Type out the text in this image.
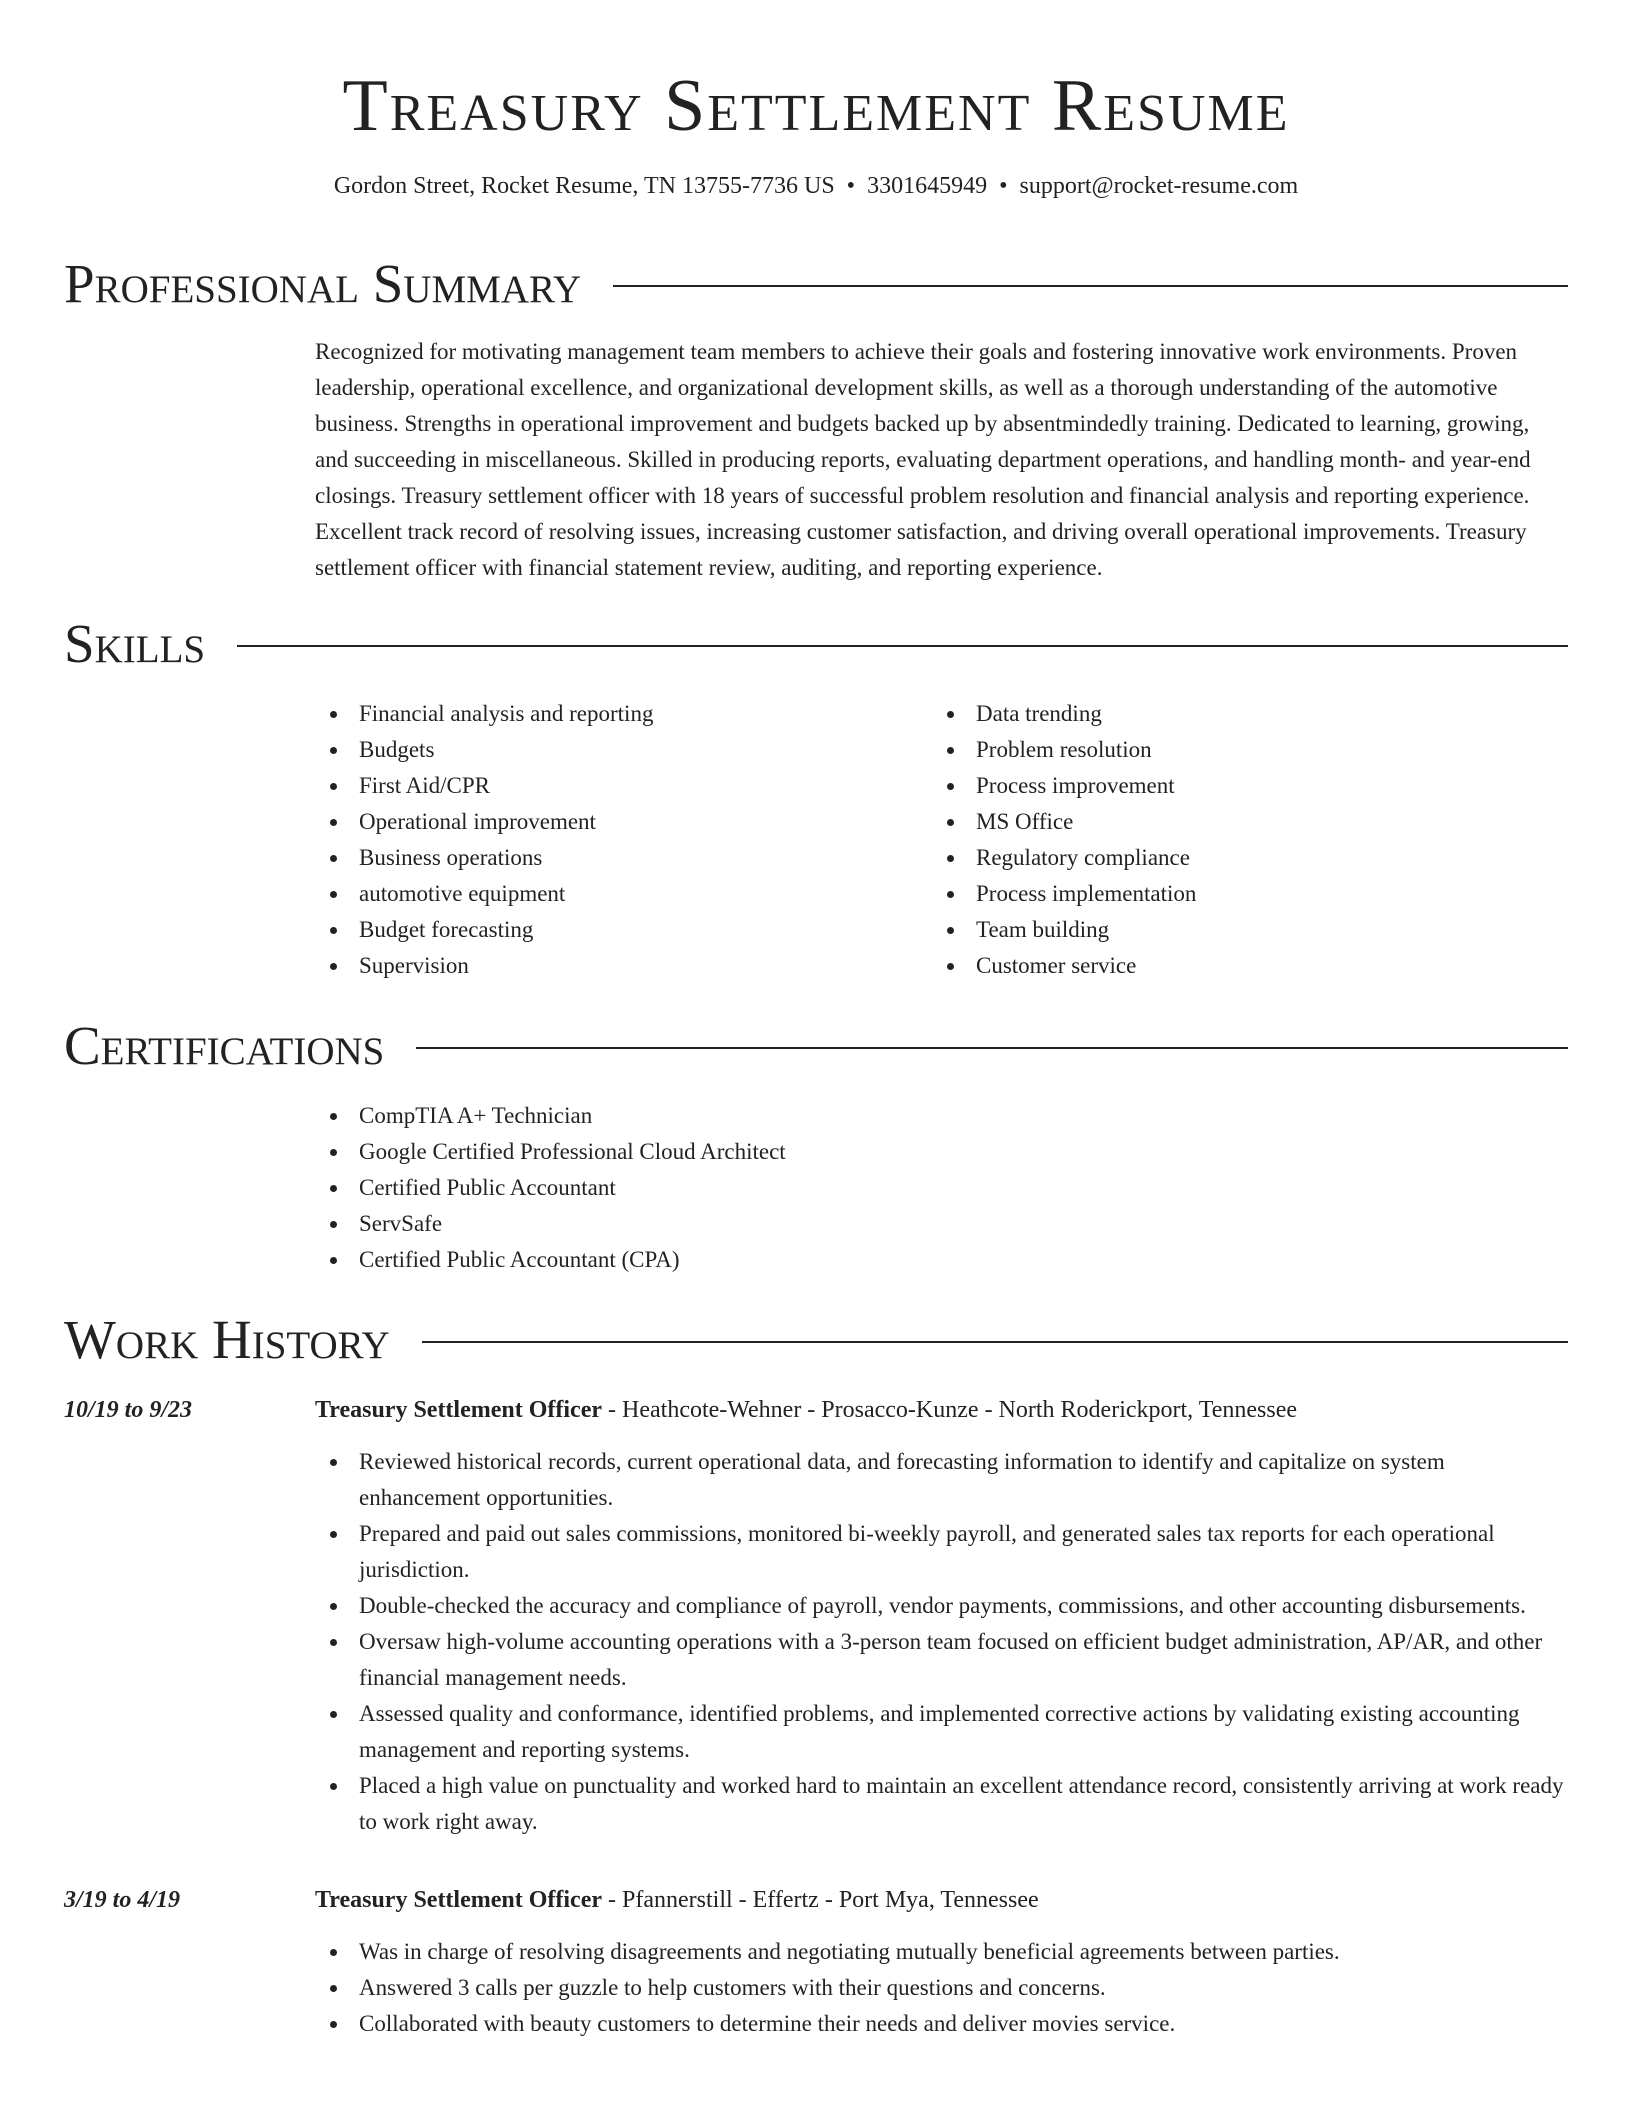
Treasury Settlement Resume
Gordon Street, Rocket Resume, TN 13755-7736 US • 3301645949 • support@rocket-resume.com
Professional Summary

Recognized for motivating management team members to achieve their goals and fostering innovative work environments. Proven leadership, operational excellence, and organizational development skills, as well as a thorough understanding of the automotive business. Strengths in operational improvement and budgets backed up by absentmindedly training. Dedicated to learning, growing, and succeeding in miscellaneous. Skilled in producing reports, evaluating department operations, and handling month- and year-end closings. Treasury settlement officer with 18 years of successful problem resolution and financial analysis and reporting experience. Excellent track record of resolving issues, increasing customer satisfaction, and driving overall operational improvements. Treasury settlement officer with financial statement review, auditing, and reporting experience.

Skills
Financial analysis and reporting
Budgets
First Aid/CPR
Operational improvement
Business operations
automotive equipment
Budget forecasting
Supervision
Data trending
Problem resolution
Process improvement
MS Office
Regulatory compliance
Process implementation
Team building
Customer service
Certifications
CompTIA A+ Technician
Google Certified Professional Cloud Architect
Certified Public Accountant
ServSafe
Certified Public Accountant (CPA)
Work History
10/19 to 9/23	Treasury Settlement Officer - Heathcote-Wehner - Prosacco-Kunze - North Roderickport, Tennessee
Reviewed historical records, current operational data, and forecasting information to identify and capitalize on system enhancement opportunities.
Prepared and paid out sales commissions, monitored bi-weekly payroll, and generated sales tax reports for each operational jurisdiction.
Double-checked the accuracy and compliance of payroll, vendor payments, commissions, and other accounting disbursements.
Oversaw high-volume accounting operations with a 3-person team focused on efficient budget administration, AP/AR, and other financial management needs.
Assessed quality and conformance, identified problems, and implemented corrective actions by validating existing accounting management and reporting systems.
Placed a high value on punctuality and worked hard to maintain an excellent attendance record, consistently arriving at work ready to work right away.
3/19 to 4/19	Treasury Settlement Officer - Pfannerstill - Effertz - Port Mya, Tennessee
Was in charge of resolving disagreements and negotiating mutually beneficial agreements between parties.
Answered 3 calls per guzzle to help customers with their questions and concerns.
Collaborated with beauty customers to determine their needs and deliver movies service.
